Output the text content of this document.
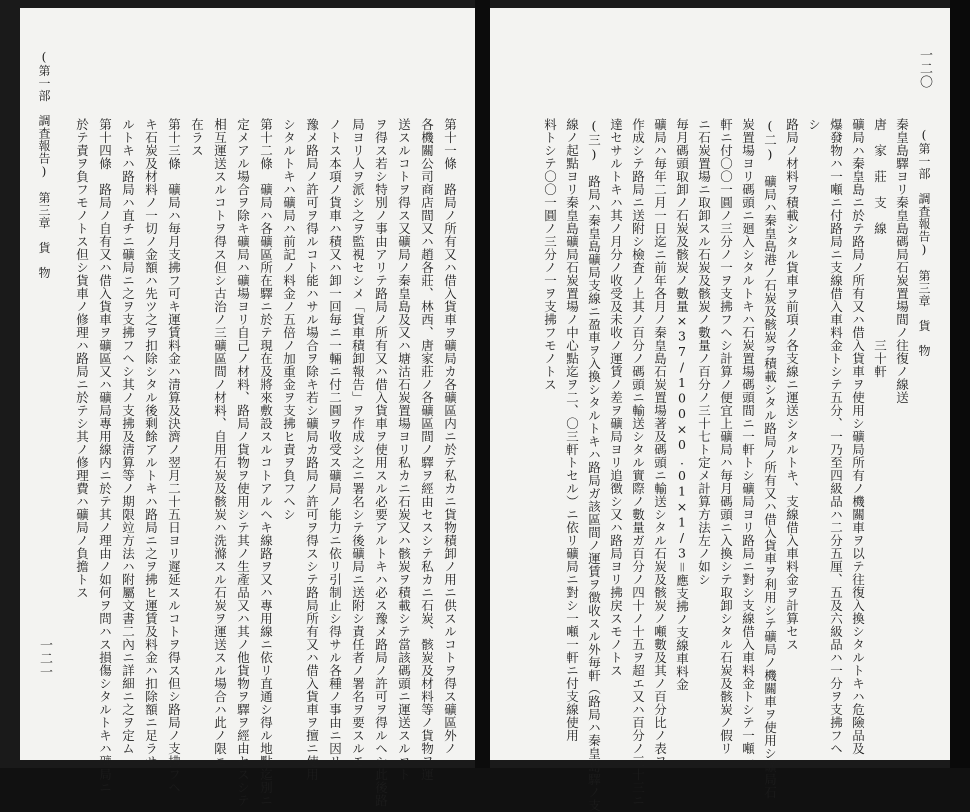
一二一
(第一部　調査報告)　第三章　貨　物	第十一條　路局ノ所有又ハ借入貨車ヲ礦局カ各礦區内ニ於テ私カニ貨物積卸ノ用ニ供スルコトヲ得ス礦區外ノ
各機關公司商店間又ハ趙各莊、林西、唐家莊ノ各礦區間ノ驛ヲ經由セスシテ私カニ石炭、骸炭及材料等ノ貨物ヲ運
送スルコトヲ得ス又礦局ノ秦皇島及又ハ塘沽石炭置場ヨリ私カニ石炭又ハ骸炭ヲ積載シテ當該碼頭ニ運送スルコト
ヲ得ス若シ特別ノ事由アリテ路局ノ所有又ハ借入貨車ヲ使用スル必要アルトキハ必ス豫メ路局ノ許可ヲ得ルヘシ此後路
局ヨリ人ヲ派シ之ヲ監視セシメ「貨車積卸報告」ヲ作成シ之ニ署名シテ後礦局ニ送附シ責任者ノ署名ヲ要スルモ
ノトス本項ノ貨車ハ積又ハ卸一回毎ニ一輛ニ付二圓ヲ收受ス礦局ノ能力ニ依リ引制止シ得サル各種ノ事由ニ因リ
豫メ路局ノ許可ヲ得ルコト能ハサル場合ヲ除キ若シ礦局カ路局ノ許可ヲ得スシテ路局所有又ハ借入貨車ヲ擅ニ使用
シタルトキハ礦局ハ前記ノ料金ノ五倍ノ加重金ヲ支拂ヒ責ヲ負フヘシ
第十二條　礦局ハ各礦區所在驛ニ於テ現在及將來敷設スルコトアルヘキ線路ヲ又ハ專用線ニ依リ直通シ得ル地點迄別ニ
定メアル場合ヲ除キ礦局ハ礦場ヨリ自己ノ材料、路局ノ貨物ヲ使用シテ其ノ生產品又ハ其ノ他貨物ヲ驛ヲ經由セスシテ
相互運送スルコトヲ得ス但シ古治ノ三礦區間ノ材料、自用石炭及骸炭ハ洗滌スル石炭ヲ運送スル場合ハ此ノ限ニ
在ラス
第十三條　礦局ハ毎月支拂フ可キ運賃料金ハ清算及決濟ノ翌月二十五日ヨリ遲延スルコトヲ得ス但シ路局ノ支拂フヘ
キ石炭及材料ノ一切ノ金額ハ先ツ之ヲ扣除シタル後剩餘アルトキハ路局ニ之ヲ拂ヒ運賃及料金ハ扣除額ニ足ラサ
ルトキハ路局ハ直チニ礦局ニ之ヲ支拂フヘシ其ノ支拂及清算等ノ期限竝方法ハ附屬文書二內ニ詳細ニ之ヲ定ム
第十四條　路局ノ自有又ハ借入貨車ヲ礦區又ハ礦局專用線内ニ於テ其ノ理由ノ如何ヲ問ハス損傷シタルトキハ礦局ニ
於テ責ヲ負フモノトス但シ貨車ノ修理ハ路局ニ於テシ其ノ修理費ハ礦局ノ負擔トス
一二〇
(第一部　調査報告)　第三章　貨　物
秦皇島驛ヨリ秦皇島碼局石炭置場間ノ往復ノ線送
唐　家　莊　支　線　　　　　　　　三十軒
礦局ハ秦皇島ニ於テ路局ノ所有又ハ借入貨車ヲ使用シ礦局所有ノ機關車ヲ以テ往復入換シタルトキハ危險品及
爆發物ハ一噸ニ付路局ニ支線借入車料金トシテ五分、一乃至四級品ハ二分五厘、五及六級品ハ一分ヲ支拂フヘ
シ
路局ノ材料ヲ積載シタル貨車ヲ前項ノ各支線ニ運送シタルトキ、支線借入車料金ヲ計算セス
(二)　礦局ハ秦皇島港ノ石炭及骸炭ヲ積載シタル路局ノ所有又ハ借入貨車ヲ利用シテ礦局ノ機關車ヲ使用シ礦局石
炭置場ヨリ碼頭ニ廻入シタルトキハ石炭置場碼頭間ニ一軒トシ礦局ヨリ路局ニ對シ支線借入車料金トシテ一噸一
軒ニ付〇〇一圓ノ三分ノ一ヲ支拂フヘシ計算ノ便宜上礦局ハ毎月碼頭ニ入換シテ取卸シタル石炭及骸炭ノ假リ
ニ石炭置場ニ取卸スル石炭及骸炭ノ數量ノ百分ノ三十七ト定メ計算方法左ノ如シ
毎月碼頭取卸ノ石炭及骸炭ノ數量×37/100×0.01×1/3＝應支拂ノ支線車料金
礦局ハ毎年二月一日迄ニ前年各月ノ秦皇島石炭置場著及碼頭ニ輸送シタル石炭及骸炭ノ噸數及其ノ百分比ノ表ヲ
作成シテ路局ニ送附シ檢査ノ上其ノ百分ノ碼頭ニ輸送シタル實際ノ數量ガ百分ノ四十ノ十五ヲ超エ又ハ百分ノ三十三ニ
達セサルトキハ其ノ月分ノ收受及未收ノ運賃ノ差ヲ礦局ヨリ追徴シ又ハ路局ヨリ拂戻スモノトス
(三)　路局ハ秦皇島礦局支線ニ盈車ヲ入換シタルトキハ路局ガ該區間ノ運賃ヲ徴收スル外毎軒（路局ハ秦皇島驛ノ支
線ノ起點ヨリ秦皇島礦局石炭置場ノ中心點迄ヲ二、〇三軒トセル）ニ依リ礦局ニ對シ一噸一軒ニ付支線使用
料トシテ〇〇一圓ノ三分ノ一ヲ支拂フモノトス
